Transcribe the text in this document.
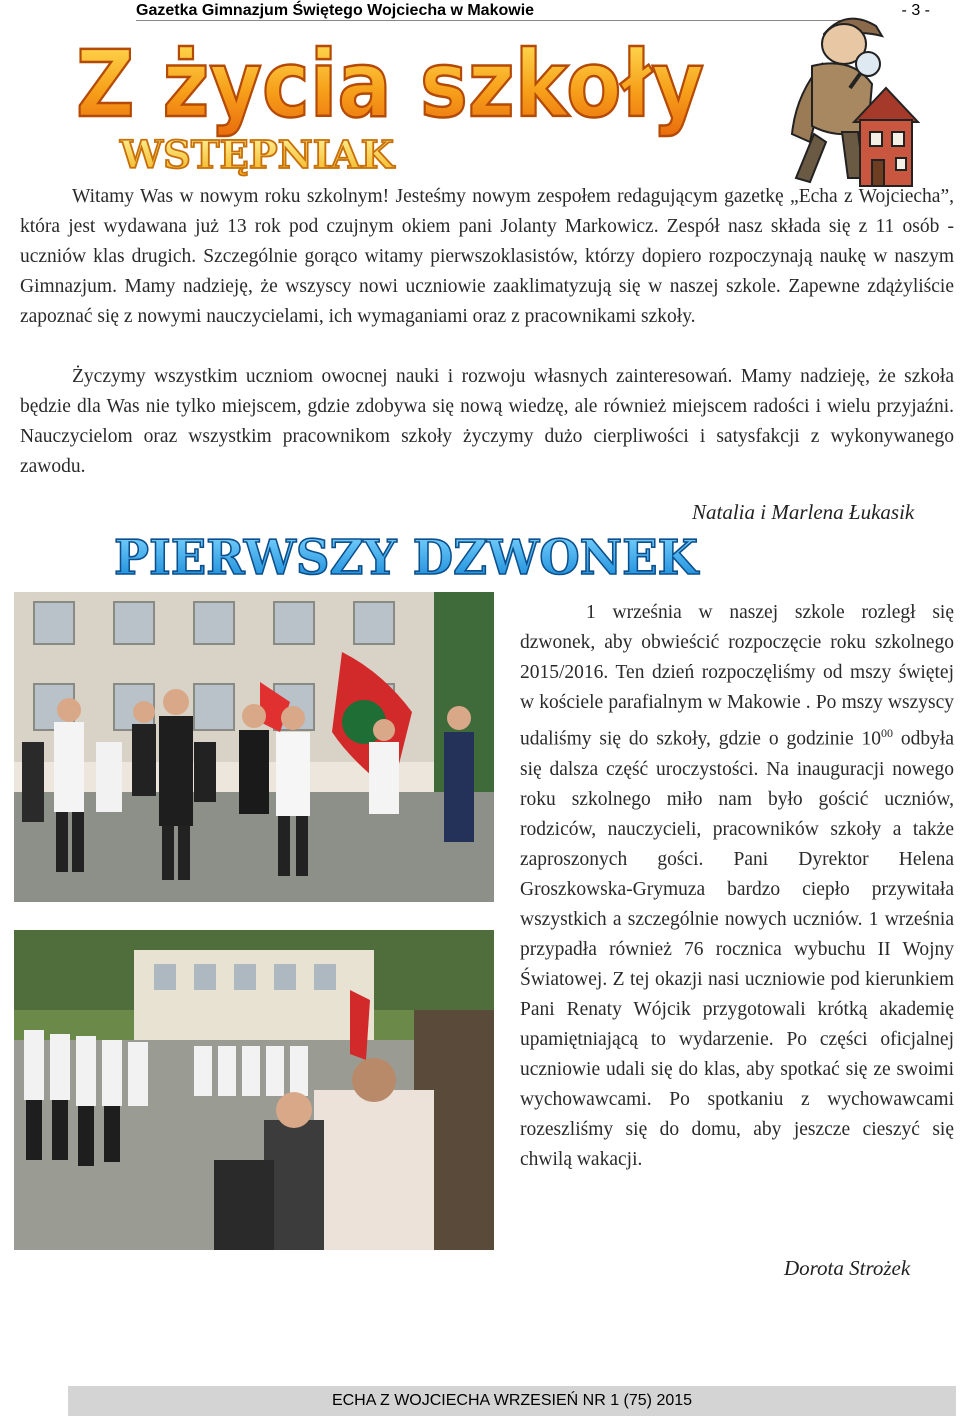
Gazetka Gimnazjum Świętego Wojciecha w Makowie	- 3 -
Z życia szkoły
WSTĘPNIAK
Witamy Was w nowym roku szkolnym! Jesteśmy nowym zespołem redagującym gazetkę „Echa z Wojciecha”, która jest wydawana już 13 rok pod czujnym okiem pani Jolanty Markowicz. Zespół nasz składa się z 11 osób - uczniów klas drugich. Szczególnie gorąco witamy pierwszoklasistów, którzy dopiero rozpoczynają naukę w naszym Gimnazjum. Mamy nadzieję, że wszyscy nowi uczniowie zaaklimatyzują się w naszej szkole. Zapewne zdążyliście zapoznać się z nowymi nauczycielami, ich wymaganiami oraz z pracownikami szkoły.
Życzymy wszystkim uczniom owocnej nauki i rozwoju własnych zainteresowań. Mamy nadzieję, że szkoła będzie dla Was nie tylko miejscem, gdzie zdobywa się nową wiedzę, ale również miejscem radości i wielu przyjaźni. Nauczycielom oraz wszystkim pracownikom szkoły życzymy dużo cierpliwości i satysfakcji z wykonywanego zawodu.
Natalia i Marlena Łukasik
PIERWSZY DZWONEK
1 września w naszej szkole rozległ się dzwonek, aby obwieścić rozpoczęcie roku szkolnego 2015/2016. Ten dzień rozpoczęliśmy od mszy świętej w kościele parafialnym w Makowie . Po mszy wszyscy udaliśmy się do szkoły, gdzie o godzinie $10^{00}$ odbyła się dalsza część uroczystości. Na inauguracji nowego roku szkolnego miło nam było gościć uczniów, rodziców, nauczycieli, pracowników szkoły a także zaproszonych gości. Pani Dyrektor Helena Groszkowska-Grymuza bardzo ciepło przywitała wszystkich a szczególnie nowych uczniów. 1 września przypadła również 76 rocznica wybuchu II Wojny Światowej. Z tej okazji nasi uczniowie pod kierunkiem Pani Renaty Wójcik przygotowali krótką akademię upamiętniającą to wydarzenie. Po części oficjalnej uczniowie udali się do klas, aby spotkać się ze swoimi wychowawcami. Po spotkaniu z wychowawcami rozeszliśmy się do domu, aby jeszcze cieszyć się chwilą wakacji.
Dorota Strożek
ECHA Z WOJCIECHA WRZESIEŃ NR 1 (75) 2015
